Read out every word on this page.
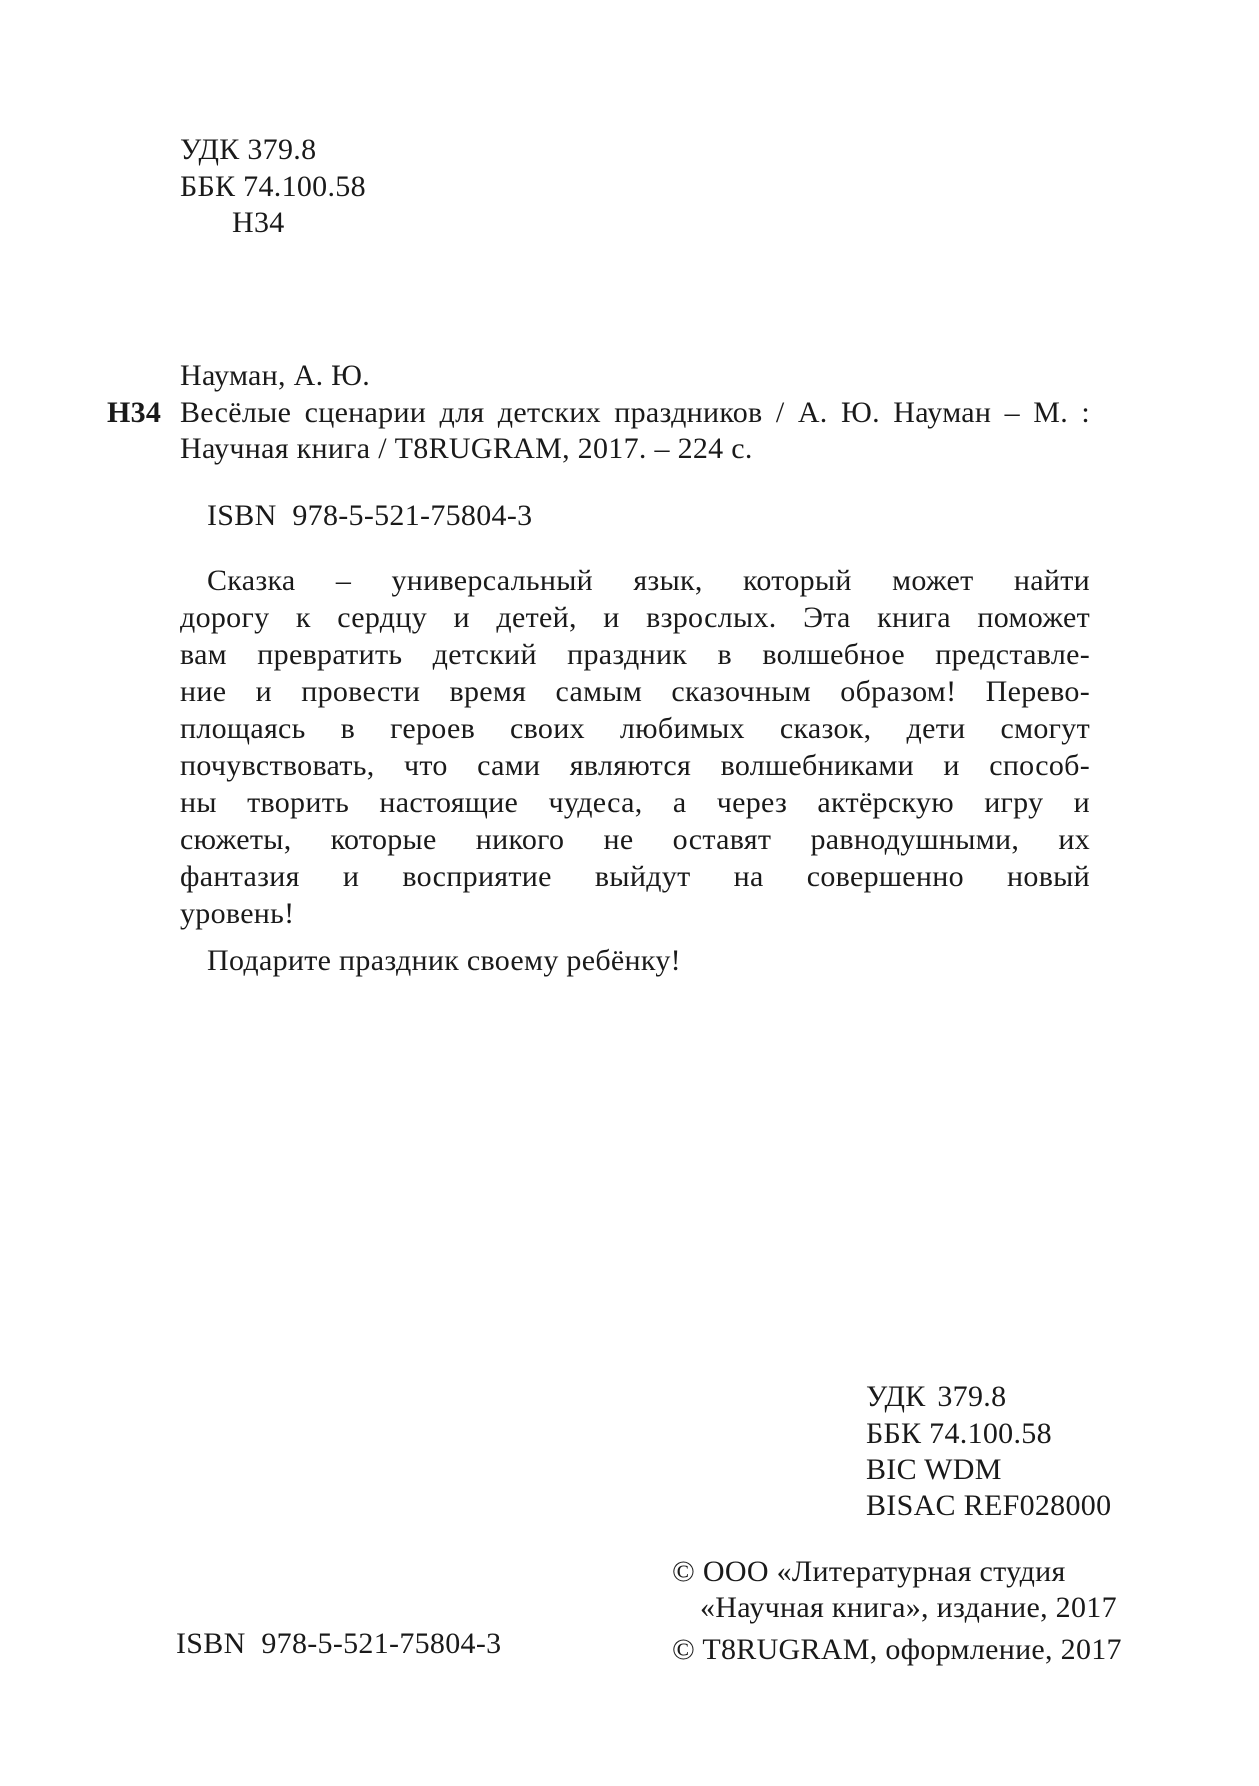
УДК 379.8
ББК 74.100.58
Н34
Науман, А. Ю.
Н34 Весёлые сценарии для детских праздников / А. Ю. Науман – М. :
Научная книга / T8RUGRAM, 2017. – 224 с.
ISBN 978-5-521-75804-3
Сказка – универсальный язык, который может найти
дорогу к сердцу и детей, и взрослых. Эта книга поможет
вам превратить детский праздник в волшебное представле-
ние и провести время самым сказочным образом! Перево-
площаясь в героев своих любимых сказок, дети смогут
почувствовать, что сами являются волшебниками и способ-
ны творить настоящие чудеса, а через актёрскую игру и
сюжеты, которые никого не оставят равнодушными, их
фантазия и восприятие выйдут на совершенно новый
уровень!
Подарите праздник своему ребёнку!
УДК 379.8
ББК 74.100.58
BIC WDM
BISAC REF028000
© ООО «Литературная студия
«Научная книга», издание, 2017
© T8RUGRAM, оформление, 2017
ISBN 978-5-521-75804-3
